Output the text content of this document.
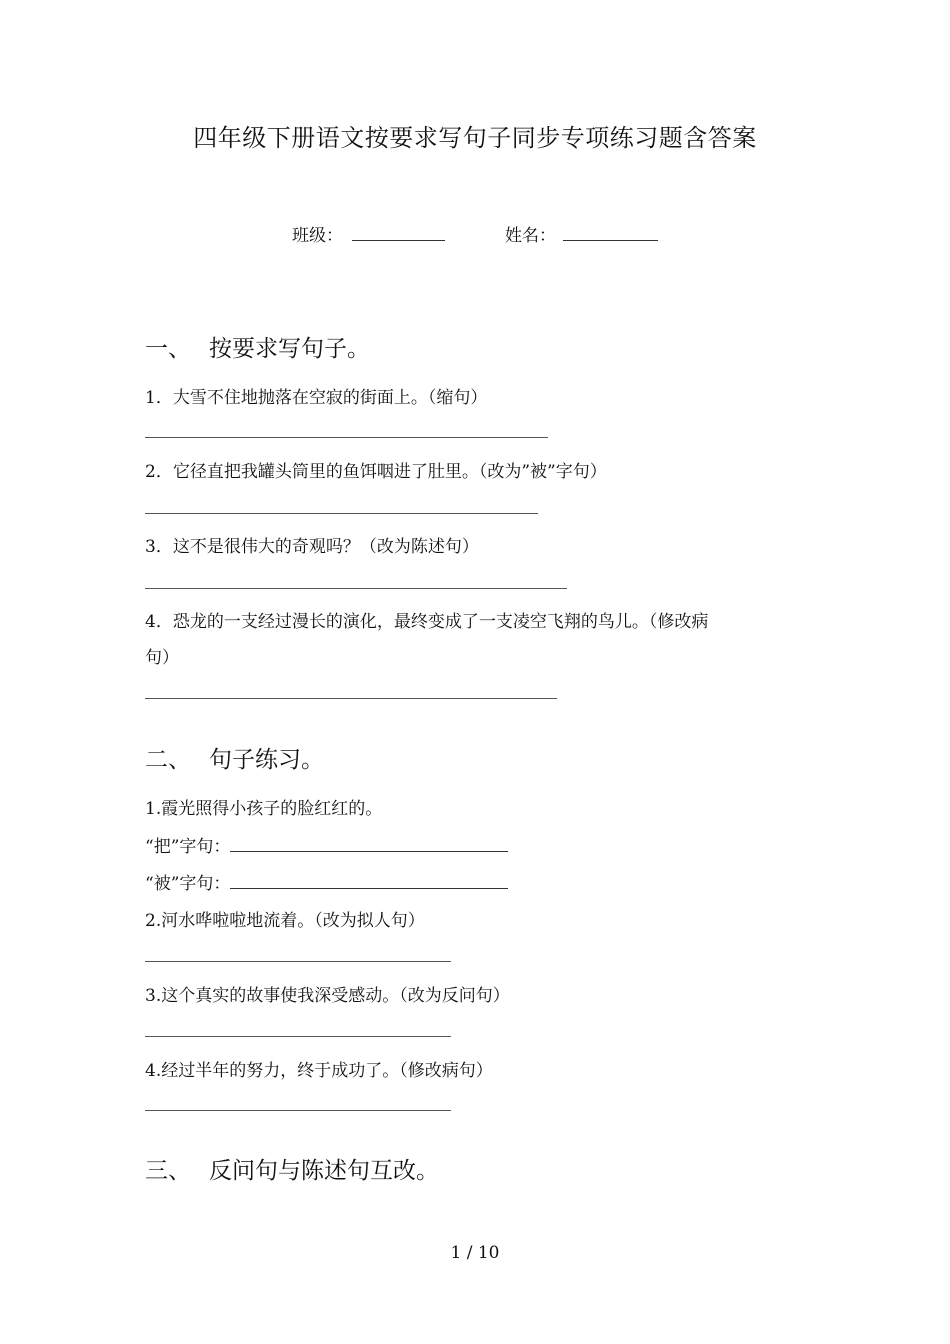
四年级下册语文按要求写句子同步专项练习题含答案
班级：	姓名：
一、 按要求写句子。
1．大雪不住地抛落在空寂的街面上。（缩句）
2．它径直把我罐头筒里的鱼饵咽进了肚里。（改为”被”字句）
3．这不是很伟大的奇观吗？（改为陈述句）
4．恐龙的一支经过漫长的演化，最终变成了一支凌空飞翔的鸟儿。（修改病
句）
二、 句子练习。
1.霞光照得小孩子的脸红红的。
“把”字句：
“被”字句：
2.河水哗啦啦地流着。（改为拟人句）
3.这个真实的故事使我深受感动。（改为反问句）
4.经过半年的努力，终于成功了。（修改病句）
三、 反问句与陈述句互改。
1 / 10
